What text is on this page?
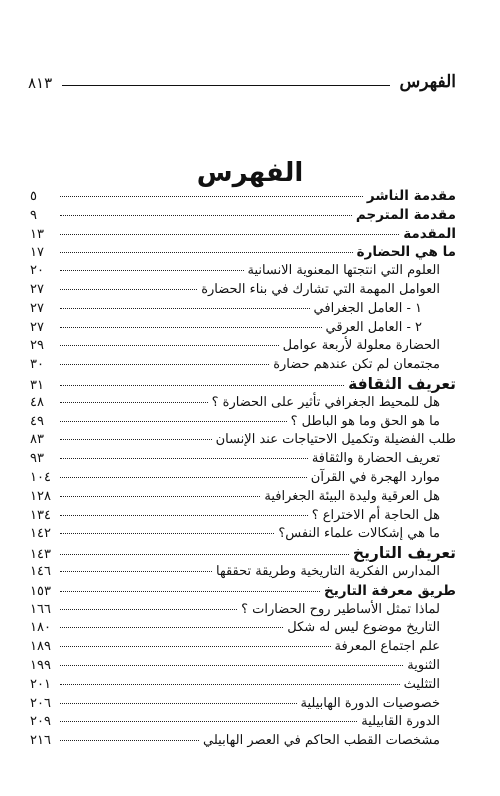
الفهرس
٨١٣
الفهرس
مقدمة الناشر
٥
مقدمة المترجم
٩
المقدمة
١٣
ما هي الحضارة
١٧
العلوم التي انتجتها المعنوية الانسانية
٢٠
العوامل المهمة التي تشارك في بناء الحضارة
٢٧
١ - العامل الجغرافي
٢٧
٢ - العامل العرقي
٢٧
الحضارة معلولة لأربعة عوامل
٢٩
مجتمعان لم تكن عندهم حضارة
٣٠
تعريف الثقافة
٣١
هل للمحيط الجغرافي تأثير على الحضارة ؟
٤٨
ما هو الحق وما هو الباطل ؟
٤٩
طلب الفضيلة وتكميل الاحتياجات عند الإنسان
٨٣
تعريف الحضارة والثقافة
٩٣
موارد الهجرة في القرآن
١٠٤
هل العرقية وليدة البيئة الجغرافية
١٢٨
هل الحاجة أم الاختراع ؟
١٣٤
ما هي إشكالات علماء النفس؟
١٤٢
تعريف التاريخ
١٤٣
المدارس الفكرية التاريخية وطريقة تحققها
١٤٦
طريق معرفة التاريخ
١٥٣
لماذا تمثل الأساطير روح الحضارات ؟
١٦٦
التاريخ موضوع ليس له شكل
١٨٠
علم اجتماع المعرفة
١٨٩
الثنوية
١٩٩
التثليث
٢٠١
خصوصيات الدورة الهابيلية
٢٠٦
الدورة القابيلية
٢٠٩
مشخصات القطب الحاكم في العصر الهابيلي
٢١٦
